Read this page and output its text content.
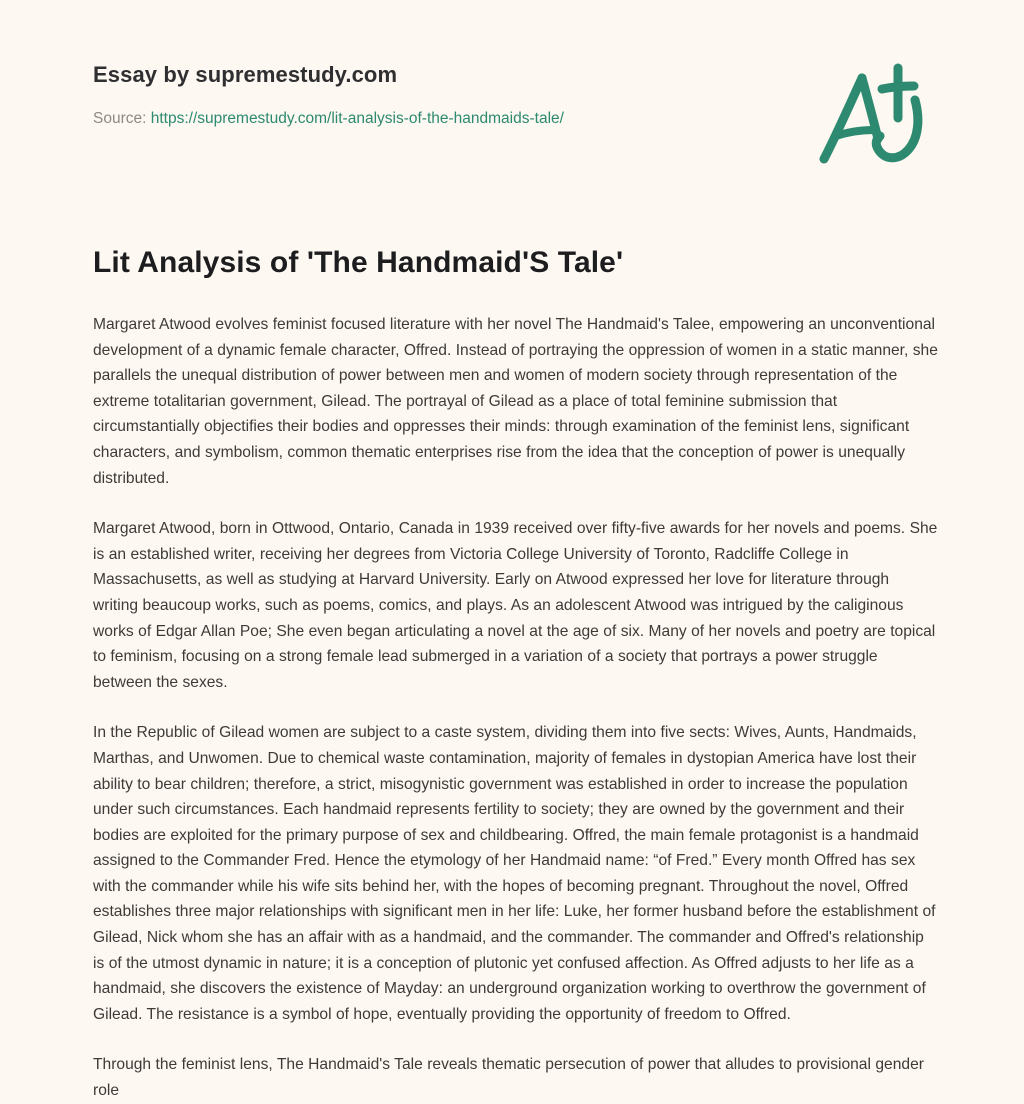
Essay by supremestudy.com
Source: https://supremestudy.com/lit-analysis-of-the-handmaids-tale/
Lit Analysis of 'The Handmaid'S Tale'

Margaret Atwood evolves feminist focused literature with her novel The Handmaid's Talee, empowering an unconventional development of a dynamic female character, Offred. Instead of portraying the oppression of women in a static manner, she parallels the unequal distribution of power between men and women of modern society through representation of the extreme totalitarian government, Gilead. The portrayal of Gilead as a place of total feminine submission that circumstantially objectifies their bodies and oppresses their minds: through examination of the feminist lens, significant characters, and symbolism, common thematic enterprises rise from the idea that the conception of power is unequally distributed.

Margaret Atwood, born in Ottwood, Ontario, Canada in 1939 received over fifty-five awards for her novels and poems. She is an established writer, receiving her degrees from Victoria College University of Toronto, Radcliffe College in Massachusetts, as well as studying at Harvard University. Early on Atwood expressed her love for literature through writing beaucoup works, such as poems, comics, and plays. As an adolescent Atwood was intrigued by the caliginous works of Edgar Allan Poe; She even began articulating a novel at the age of six. Many of her novels and poetry are topical to feminism, focusing on a strong female lead submerged in a variation of a society that portrays a power struggle between the sexes.

In the Republic of Gilead women are subject to a caste system, dividing them into five sects: Wives, Aunts, Handmaids, Marthas, and Unwomen. Due to chemical waste contamination, majority of females in dystopian America have lost their ability to bear children; therefore, a strict, misogynistic government was established in order to increase the population under such circumstances. Each handmaid represents fertility to society; they are owned by the government and their bodies are exploited for the primary purpose of sex and childbearing. Offred, the main female protagonist is a handmaid assigned to the Commander Fred. Hence the etymology of her Handmaid name: “of Fred.” Every month Offred has sex with the commander while his wife sits behind her, with the hopes of becoming pregnant. Throughout the novel, Offred establishes three major relationships with significant men in her life: Luke, her former husband before the establishment of Gilead, Nick whom she has an affair with as a handmaid, and the commander. The commander and Offred's relationship is of the utmost dynamic in nature; it is a conception of plutonic yet confused affection. As Offred adjusts to her life as a handmaid, she discovers the existence of Mayday: an underground organization working to overthrow the government of Gilead. The resistance is a symbol of hope, eventually providing the opportunity of freedom to Offred.

Through the feminist lens, The Handmaid's Tale reveals thematic persecution of power that alludes to provisional gender role
